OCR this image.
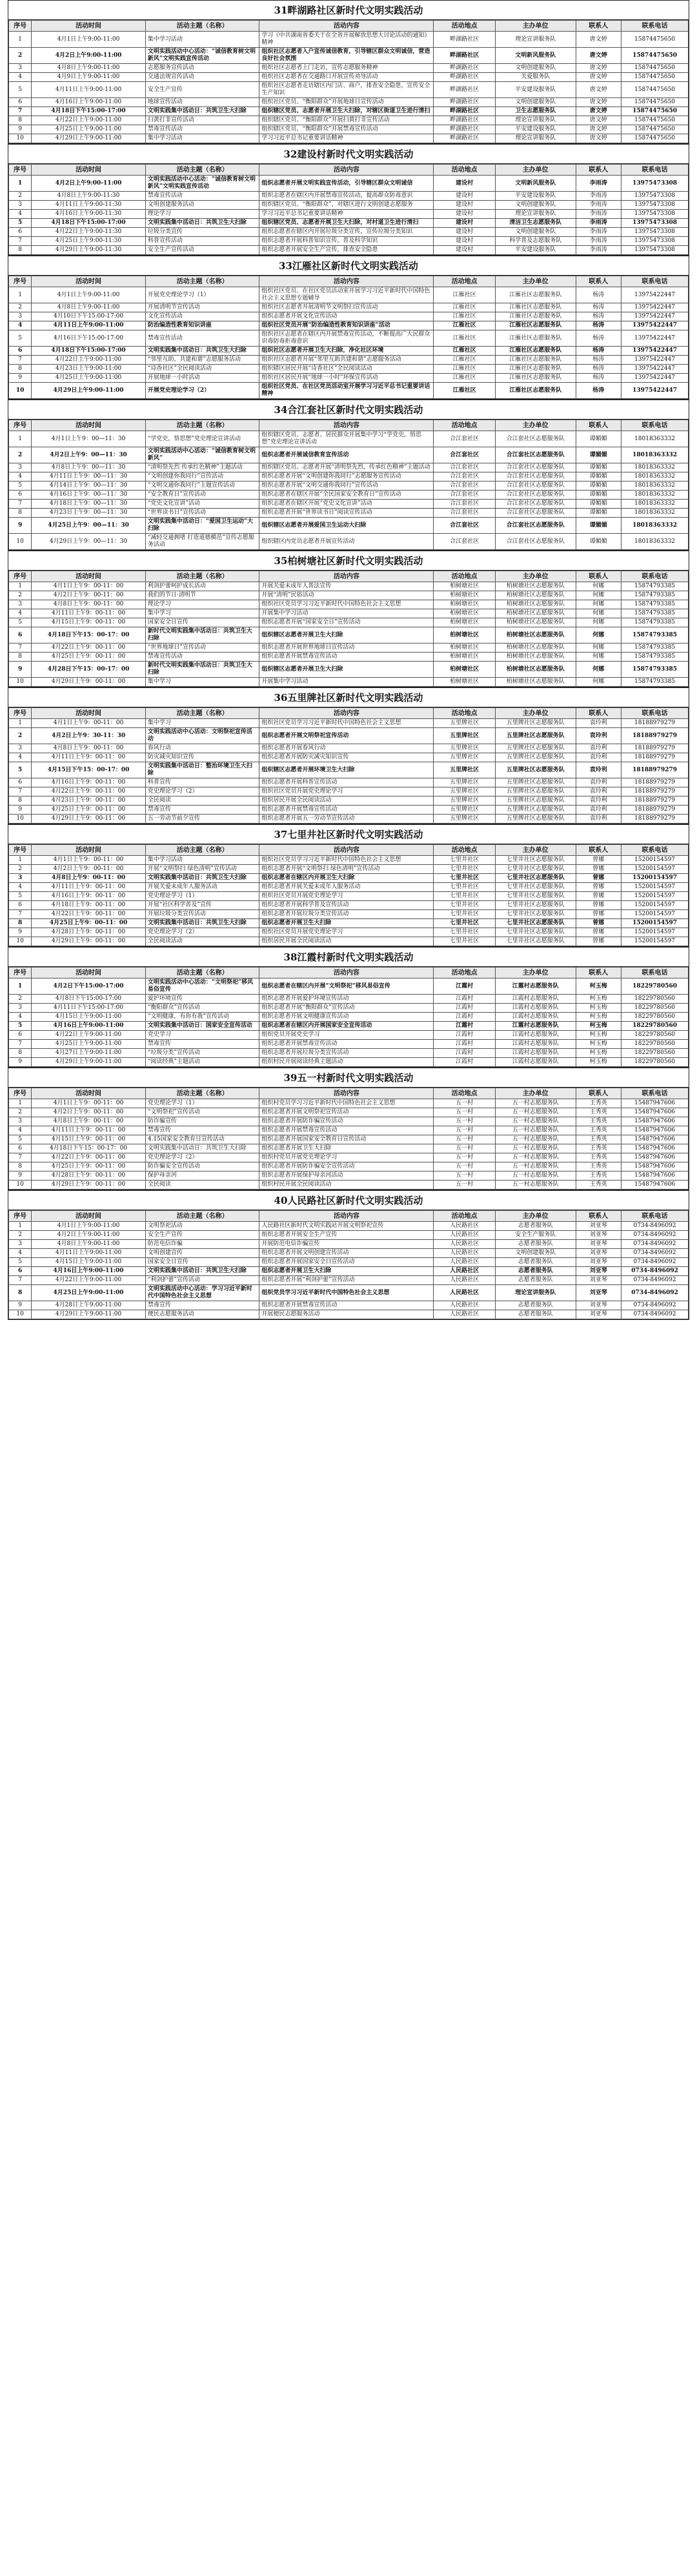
31畔湖路社区新时代文明实践活动
序号	活动时间	活动主题（名称）	活动内容	活动地点	主办单位	联系人	联系电话
1	4月1日上午9:00-11:00	集中学习活动	学习《中共湖南省委关于在全省开展解放思想大讨论活动的通知》精神	畔湖路社区	理论宣讲服务队	唐文婷	15874475650
2	4月2日上午9:00-11:00	文明实践活动中心活动：“诚信教育树文明新风”文明实践宣传活动	组织社区志愿者入户宣传诚信教育，引导辖区群众文明诚信，营造良好社会氛围	畔湖路社区	文明新风服务队	唐文婷	15874475650
3	4月8日上午9:00-11:00	志愿服务宣传活动	组织社区志愿者上门走访，宣传志愿服务精神	畔湖路社区	文明创建服务队	唐文婷	15874475650
4	4月9日上午9:00-11:00	交通法规宣传活动	组织社区志愿者在交通路口开展宣传劝导活动	畔湖路社区	关爱服务队	唐文婷	15874475650
5	4月11日上午9:00-11:00	安全生产宣传	组织社区志愿者走访辖区内门店、商户，排查安全隐患，宣传安全生产知识	畔湖路社区	平安建设服务队	唐文婷	15874475650
6	4月16日上午9:00-11:00	地球宣传活动	组织社区党员、“衡阳群众”开展地球日宣传活动	畔湖路社区	文明创建服务队	唐文婷	15874475650
7	4月18日下午15:00-17:00	文明实践集中活动日：共筑卫生大扫除	组织辖区党员、志愿者开展卫生大扫除，对辖区街道卫生进行清扫	畔湖路社区	卫生志愿服务队	唐文婷	15874475650
8	4月22日上午9:00-11:00	扫黄打非宣传活动	组织辖区党员、“衡阳群众”开展扫黄打非宣传活动	畔湖路社区	理论宣讲服务队	唐文婷	15874475650
9	4月25日上午9:00-11:00	禁毒宣传活动	组织辖区党员、“衡阳群众”开展禁毒宣传活动	畔湖路社区	平安建设服务队	唐文婷	15874475650
10	4月29日上午9:00-11:00	集中学习活动	学习习近平总书记重要讲话精神	畔湖路社区	理论宣讲服务队	唐文婷	15874475650
32建设村新时代文明实践活动
序号	活动时间	活动主题（名称）	活动内容	活动地点	主办单位	联系人	联系电话
1	4月2日上午9:00-11:00	文明实践活动中心活动：“诚信教育树文明新风”文明实践宣传活动	组织志愿者开展文明实践宣传活动，引导辖区群众文明诚信	建设村	文明新风服务队	李雨涛	13975473308
2	4月8日上午9:00-11:30	禁毒宣传活动	组织志愿者在辖区内开展禁毒宣传活动，提高群众防毒意识	建设村	平安建设服务队	李雨涛	13975473308
3	4月11日上午9:00-11:30	文明创建服务活动	组织辖区党员、“衡阳群众”，对辖区进行文明创建志愿服务	建设村	文明创建服务队	李雨涛	13975473308
4	4月16日上午9:00-11:30	理论学习	学习习近平总书记重要讲话精神	建设村	理论宣讲服务队	李雨涛	13975473308
5	4月18日下午15:00-17:00	文明实践集中活动日：共筑卫生大扫除	组织辖区党员、志愿者开展卫生大扫除，对村道卫生进行清扫	建设村	清洁卫生志愿服务队	李雨涛	13975473308
6	4月22日上午9:00-11:30	垃圾分类宣传	组织志愿者在辖区内开展垃圾分类宣传，宣传垃圾分类知识	建设村	文明创建服务队	李雨涛	13975473308
7	4月25日上午9:00-11:30	科普宣传活动	组织志愿者开展科普知识宣传，普及科学知识	建设村	科学普及志愿服务队	李雨涛	13975473308
8	4月29日上午9:00-11:30	安全生产宣传活动	组织志愿者开展安全生产宣传，排查安全隐患	建设村	平安建设服务队	李雨涛	13975473308
33江雁社区新时代文明实践活动
序号	活动时间	活动主题（名称）	活动内容	活动地点	主办单位	联系人	联系电话
1	4月1日上午9:00-11:00	开展党史理论学习（1）	组织社区党员、在社区党员活动室开展学习习近平新时代中国特色社会主义思想专题辅导	江雁社区	江雁社区志愿服务队	杨涛	13975422447
2	4月8日上午9:00-11:00	开展清明节宣传活动	组织社区志愿者开展清明节文明祭扫宣传活动	江雁社区	江雁社区志愿服务队	杨涛	13975422447
3	4月10日下午15:00-17:00	文化宣传活动	组织志愿者开展文化宣传活动	江雁社区	江雁社区志愿服务队	杨涛	13975422447
4	4月11日上午9:00-11:00	防治编造性教育知识讲座	组织社区党员开展“防治编造性教育知识讲座”活动	江雁社区	江雁社区志愿服务队	杨涛	13975422447
5	4月16日下午15:00-17:00	禁毒宣传活动	组织社区志愿者在辖区内开展禁毒宣传活动，不断提高广大民群众识毒防毒拒毒意识	江雁社区	江雁社区志愿服务队	杨涛	13975422447
6	4月18日下午15:00-17:00	文明实践集中活动日：共筑卫生大扫除	组织社区志愿者开展卫生大扫除，净化社区环境	江雁社区	江雁社区志愿服务队	杨涛	13975422447
7	4月22日上午9:00-11:00	“邻里互助、共建和谐”志愿服务活动	组织社区志愿者开展“邻里互助共建和谐”志愿服务活动	江雁社区	江雁社区志愿服务队	杨涛	13975422447
8	4月23日上午9:00-11:00	“诗香社区”全民阅读活动	组织辖区居民开展“诗香社区”全民阅读活动	江雁社区	江雁社区志愿服务队	杨涛	13975422447
9	4月25日上午9:00-11:00	开展地球一小时活动	组织社区居民开展“地球一小时”环保宣传活动	江雁社区	江雁社区志愿服务队	杨涛	13975422447
10	4月29日上午9:00-11:00	开展党史理论学习（2）	组织社区党员、在社区党员活动室开展学习习近平总书记重要讲话精神	江雁社区	江雁社区志愿服务队	杨涛	13975422447
34合江套社区新时代文明实践活动
序号	活动时间	活动主题（名称）	活动内容	活动地点	主办单位	联系人	联系电话
1	4月1日上午9：00—11：30	“学党史，悟思想”党史理论宣讲活动	组织辖区党员、志愿者、居民群众开展集中学习“学党史，悟思想”党史理论宣讲活动	合江套社区	合江套社区志愿服务队	谭媚媚	18018363332
2	4月2日上午9：00—11：30	文明实践活动中心活动：“诚信教育树文明新风”	组织志愿者开展诚信教育宣传活动	合江套社区	合江套社区志愿服务队	谭媚媚	18018363332
3	4月8日上午9：00—11：30	“清明祭先烈 传承红色精神”主题活动	组织辖区党员、志愿者开展“清明祭先烈，传承红色精神”主题活动	合江套社区	合江套社区志愿服务队	谭媚媚	18018363332
4	4月11日上午9：00—11：30	“文明创建你我同行”宣传活动	组织志愿者开展“文明创建你我同行”志愿服务宣传活动	合江套社区	合江套社区志愿服务队	谭媚媚	18018363332
5	4月14日上午9：00—11：30	“文明交通你我同行”主题宣传活动	组织志愿者开展“文明交通你我同行”宣传活动	合江套社区	合江套社区志愿服务队	谭媚媚	18018363332
6	4月16日上午9：00—11：30	“安全教育日”宣传活动	组织志愿者在辖区开展“全民国家安全教育日”宣传活动	合江套社区	合江套社区志愿服务队	谭媚媚	18018363332
7	4月18日上午9：00—11：30	“党史文化宣讲”活动	组织志愿者在辖区开展“党史文化宣讲”活动	合江套社区	合江套社区志愿服务队	谭媚媚	18018363332
8	4月23日上午9：00—11：30	“世界读书日”宣传活动	组织志愿者开展“世界读书日”阅读宣传活动	合江套社区	合江套社区志愿服务队	谭媚媚	18018363332
9	4月25日上午9：00—11：30	文明实践集中活动日：“爱国卫生运动”大扫除	组织辖区志愿者开展爱国卫生运动大扫除	合江套社区	合江套社区志愿服务队	谭媚媚	18018363332
10	4月29日上午9：00—11：30	“减轻交通拥堵 打造道德模范”宣传志愿服务活动	组织辖区内党员志愿者开展宣传活动	合江套社区	合江套社区志愿服务队	谭媚媚	18018363332
35柏树塘社区新时代文明实践活动
序号	活动时间	活动主题（名称）	活动内容	活动地点	主办单位	联系人	联系电话
1	4月1日上午9：00-11：00	利剑护蕾呵护成长活动	开展关爱未成年人普法宣传	柏树塘社区	柏树塘社区志愿服务队	何娜	15874793385
2	4月2日上午9：00-11：00	我们的节日·清明节	开展“清明”民俗活动	柏树塘社区	柏树塘社区志愿服务队	何娜	15874793385
3	4月8日上午9：00-11：00	理论学习	组织社区党员学习习近平新时代中国特色社会主义思想	柏树塘社区	柏树塘社区志愿服务队	何娜	15874793385
4	4月11日上午9：00-11：00	集中学习	开展集中学习活动	柏树塘社区	柏树塘社区志愿服务队	何娜	15874793385
5	4月15日上午9：00-11：00	国家安全日宣传	组织志愿者开展“国家安全日”宣传活动	柏树塘社区	柏树塘社区志愿服务队	何娜	15874793385
6	4月18日下午15：00-17：00	新时代文明实践集中活动日：共筑卫生大扫除	组织辖区志愿者开展卫生大扫除	柏树塘社区	柏树塘社区志愿服务队	何娜	15874793385
7	4月22日上午9：00-11：00	“世界地球日”宣传活动	组织志愿者开展世界地球日宣传活动	柏树塘社区	柏树塘社区志愿服务队	何娜	15874793385
8	4月25日上午9：00-11：00	禁毒宣传活动	组织志愿者开展禁毒宣传活动	柏树塘社区	柏树塘社区志愿服务队	何娜	15874793385
9	4月28日下午15：00-17：00	新时代文明实践集中活动日：共筑卫生大扫除	组织辖区志愿者开展卫生大扫除	柏树塘社区	柏树塘社区志愿服务队	何娜	15874793385
10	4月29日上午9：00-11：00	集中学习	开展集中学习活动	柏树塘社区	柏树塘社区志愿服务队	何娜	15874793385
36五里牌社区新时代文明实践活动
序号	活动时间	活动主题（名称）	活动内容	活动地点	主办单位	联系人	联系电话
1	4月1日上午9：00-11：00	集中学习	组织社区党员学习习近平新时代中国特色社会主义思想	五里牌社区	五里牌社区志愿服务队	袁玲利	18188979279
2	4月2日上午9：30-11：30	文明实践活动中心活动：文明祭祀宣传活动	组织志愿者开展文明祭祀宣传活动	五里牌社区	五里牌社区志愿服务队	袁玲利	18188979279
3	4月8日上午9：00-11：00	春风行动	组织志愿者开展春风行动	五里牌社区	五里牌社区志愿服务队	袁玲利	18188979279
4	4月11日上午9：00-11：00	防灾减灾知识宣传	组织志愿者开展防灾减灾知识宣传	五里牌社区	五里牌社区志愿服务队	袁玲利	18188979279
5	4月15日下午15：00-17：00	文明实践集中活动日：整治环境卫生大扫除	组织辖区志愿者开展环境卫生大扫除	五里牌社区	五里牌社区志愿服务队	袁玲利	18188979279
6	4月16日上午9：00-11：00	科普宣传	组织志愿者开展科普宣传活动	五里牌社区	五里牌社区志愿服务队	袁玲利	18188979279
7	4月22日上午9：00-11：00	党史理论学习（2）	组织社区党员开展党史理论学习	五里牌社区	五里牌社区志愿服务队	袁玲利	18188979279
8	4月23日上午9：00-11：00	全民阅读	组织居民开展全民阅读活动	五里牌社区	五里牌社区志愿服务队	袁玲利	18188979279
9	4月25日上午9：00-11：00	禁毒宣传	组织志愿者开展禁毒宣传活动	五里牌社区	五里牌社区志愿服务队	袁玲利	18188979279
10	4月29日上午9：00-11：00	五一劳动节前夕宣传	组织志愿者开展五一劳动节宣传活动	五里牌社区	五里牌社区志愿服务队	袁玲利	18188979279
37七里井社区新时代文明实践活动
序号	活动时间	活动主题（名称）	活动内容	活动地点	主办单位	联系人	联系电话
1	4月1日上午9：00-11：00	集中学习活动	组织社区党员学习习近平新时代中国特色社会主义思想	七里井社区	七里井社区志愿服务队	曾娜	15200154597
2	4月2日上午9：00-11：00	开展“文明祭扫 绿色清明”宣传活动	组织志愿者开展“文明祭扫 绿色清明”宣传活动	七里井社区	七里井社区志愿服务队	曾娜	15200154597
3	4月8日上午9：00-11：00	文明实践集中活动日：共筑卫生大扫除	组织志愿者在辖区内开展卫生大扫除	七里井社区	七里井社区志愿服务队	曾娜	15200154597
4	4月11日上午9：00-11：00	开展关爱未成年人服务活动	组织志愿者开展关爱未成年人服务活动	七里井社区	七里井社区志愿服务队	曾娜	15200154597
5	4月16日上午9：00-11：00	党史理论学习（1）	组织社区党员开展党史理论学习	七里井社区	七里井社区志愿服务队	曾娜	15200154597
6	4月18日上午9：00-11：00	开展“社区科学普及”宣传	组织志愿者开展科学普及宣传活动	七里井社区	七里井社区志愿服务队	曾娜	15200154597
7	4月22日上午9：00-11：00	开展垃圾分类宣传活动	组织志愿者开展垃圾分类宣传活动	七里井社区	七里井社区志愿服务队	曾娜	15200154597
8	4月25日上午9：00-11：00	文明实践集中活动日：共筑卫生大扫除	组织志愿者开展卫生大扫除	七里井社区	七里井社区志愿服务队	曾娜	15200154597
9	4月28日上午9：00-11：00	党史理论学习（2）	组织社区党员开展党史理论学习	七里井社区	七里井社区志愿服务队	曾娜	15200154597
10	4月29日上午9：00-11：00	全民阅读活动	组织居民开展全民阅读活动	七里井社区	七里井社区志愿服务队	曾娜	15200154597
38江霞村新时代文明实践活动
序号	活动时间	活动主题（名称）	活动内容	活动地点	主办单位	联系人	联系电话
1	4月2日下午15:00-17:00	文明实践活动中心活动：“文明祭祀”移风易俗宣传	组织志愿者在辖区内开展“文明祭祀”移风易俗宣传	江霞村	江霞村志愿服务队	柯玉梅	18229780560
2	4月8日下午15:00-17:00	爱护环境宣传	组织志愿者开展爱护环境宣传活动	江霞村	江霞村志愿服务队	柯玉梅	18229780560
3	4月11日下午15:00-17:00	“衡阳群众”宣传活动	组织志愿者开展“衡阳群众”宣传活动	江霞村	江霞村志愿服务队	柯玉梅	18229780560
4	4月15日上午9:00-11:00	“文明健康，有你有我”宣传活动	组织志愿者开展文明健康宣传活动	江霞村	江霞村志愿服务队	柯玉梅	18229780560
5	4月16日上午9:00-11:00	文明实践集中活动日：国家安全宣传活动	组织志愿者在辖区内开展国家安全宣传活动	江霞村	江霞村志愿服务队	柯玉梅	18229780560
6	4月22日上午9:00-11:00	党史学习	组织党员开展党史学习	江霞村	江霞村志愿服务队	柯玉梅	18229780560
7	4月25日上午9:00-11:00	禁毒宣传	组织志愿者开展禁毒宣传活动	江霞村	江霞村志愿服务队	柯玉梅	18229780560
8	4月27日上午9:00-11:00	“垃圾分类”宣传活动	组织志愿者开展垃圾分类宣传活动	江霞村	江霞村志愿服务队	柯玉梅	18229780560
9	4月29日上午9:00-11:00	“阅读经典”主题活动	组织村民开展阅读经典主题活动	江霞村	江霞村志愿服务队	柯玉梅	18229780560
39五一村新时代文明实践活动
序号	活动时间	活动主题（名称）	活动内容	活动地点	主办单位	联系人	联系电话
1	4月1日上午9：00-11：00	党史理论学习（1）	组织村党员学习习近平新时代中国特色社会主义思想	五一村	五一村志愿服务队	王秀英	15487947606
2	4月2日上午9：00-11：00	“文明祭祀”宣传活动	组织志愿者开展文明祭祀宣传活动	五一村	五一村志愿服务队	王秀英	15487947606
3	4月8日上午9：00-11：00	防诈骗宣传	组织志愿者开展防诈骗宣传活动	五一村	五一村志愿服务队	王秀英	15487947606
4	4月11日上午9：00-11：00	禁毒宣传	组织志愿者开展禁毒宣传活动	五一村	五一村志愿服务队	王秀英	15487947606
5	4月15日上午9：00-11：00	4.15国家安全教育日宣传活动	组织志愿者开展国家安全教育日宣传活动	五一村	五一村志愿服务队	王秀英	15487947606
6	4月18日下午15：00-17：00	文明实践集中活动日：共筑卫生大扫除	组织志愿者开展卫生大扫除	五一村	五一村志愿服务队	王秀英	15487947606
7	4月22日上午9：00-11：00	党史理论学习（2）	组织村党员开展党史理论学习	五一村	五一村志愿服务队	王秀英	15487947606
8	4月25日上午9：00-11：00	防诈骗安全宣传活动	组织志愿者开展防诈骗安全宣传活动	五一村	五一村志愿服务队	王秀英	15487947606
9	4月28日上午9：00-11：00	保护母亲河	组织志愿者开展保护母亲河活动	五一村	五一村志愿服务队	王秀英	15487947606
10	4月29日上午9：00-11：00	全民阅读	组织村民开展全民阅读活动	五一村	五一村志愿服务队	王秀英	15487947606
40人民路社区新时代文明实践活动
序号	活动时间	活动主题（名称）	活动内容	活动地点	主办单位	联系人	联系电话
1	4月1日上午9:00-11:00	文明祭祀活动	人民路社区新时代文明实践站开展文明祭祀宣传	人民路社区	志愿者服务队	刘亚琴	0734-8496092
2	4月2日上午9:00-11:00	安全生产宣传	组织志愿者开展安全生产宣传	人民路社区	安全生产服务队	刘亚琴	0734-8496092
3	4月8日上午9:00-11:00	防范电信诈骗	开展防范电信诈骗宣传	人民路社区	志愿者服务队	刘亚琴	0734-8496092
4	4月11日上午9:00-11:00	文明创建宣传	组织志愿者开展文明创建宣传活动	人民路社区	文明创建服务队	刘亚琴	0734-8496092
5	4月15日上午9:00-11:00	国家安全日宣传	组织志愿者开展国家安全日宣传活动	人民路社区	志愿者服务队	刘亚琴	0734-8496092
6	4月16日上午9:00-11:00	文明实践集中活动日：共筑卫生大扫除	组织志愿者开展卫生大扫除	人民路社区	志愿者服务队	刘亚琴	0734-8496092
7	4月22日上午9:00-11:00	“利剑护蕾”宣传活动	组织志愿者开展“利剑护蕾”宣传活动	人民路社区	志愿者服务队	刘亚琴	0734-8496092
8	4月25日上午9:00-11:00	文明实践活动中心活动：学习习近平新时代中国特色社会主义思想	组织党员学习习近平新时代中国特色社会主义思想	人民路社区	理论宣讲服务队	刘亚琴	0734-8496092
9	4月28日上午9:00-11:00	禁毒宣传	组织志愿者开展禁毒宣传活动	人民路社区	志愿者服务队	刘亚琴	0734-8496092
10	4月29日上午9:00-11:00	便民志愿服务活动	开展便民志愿服务活动	人民路社区	志愿者服务队	刘亚琴	0734-8496092
